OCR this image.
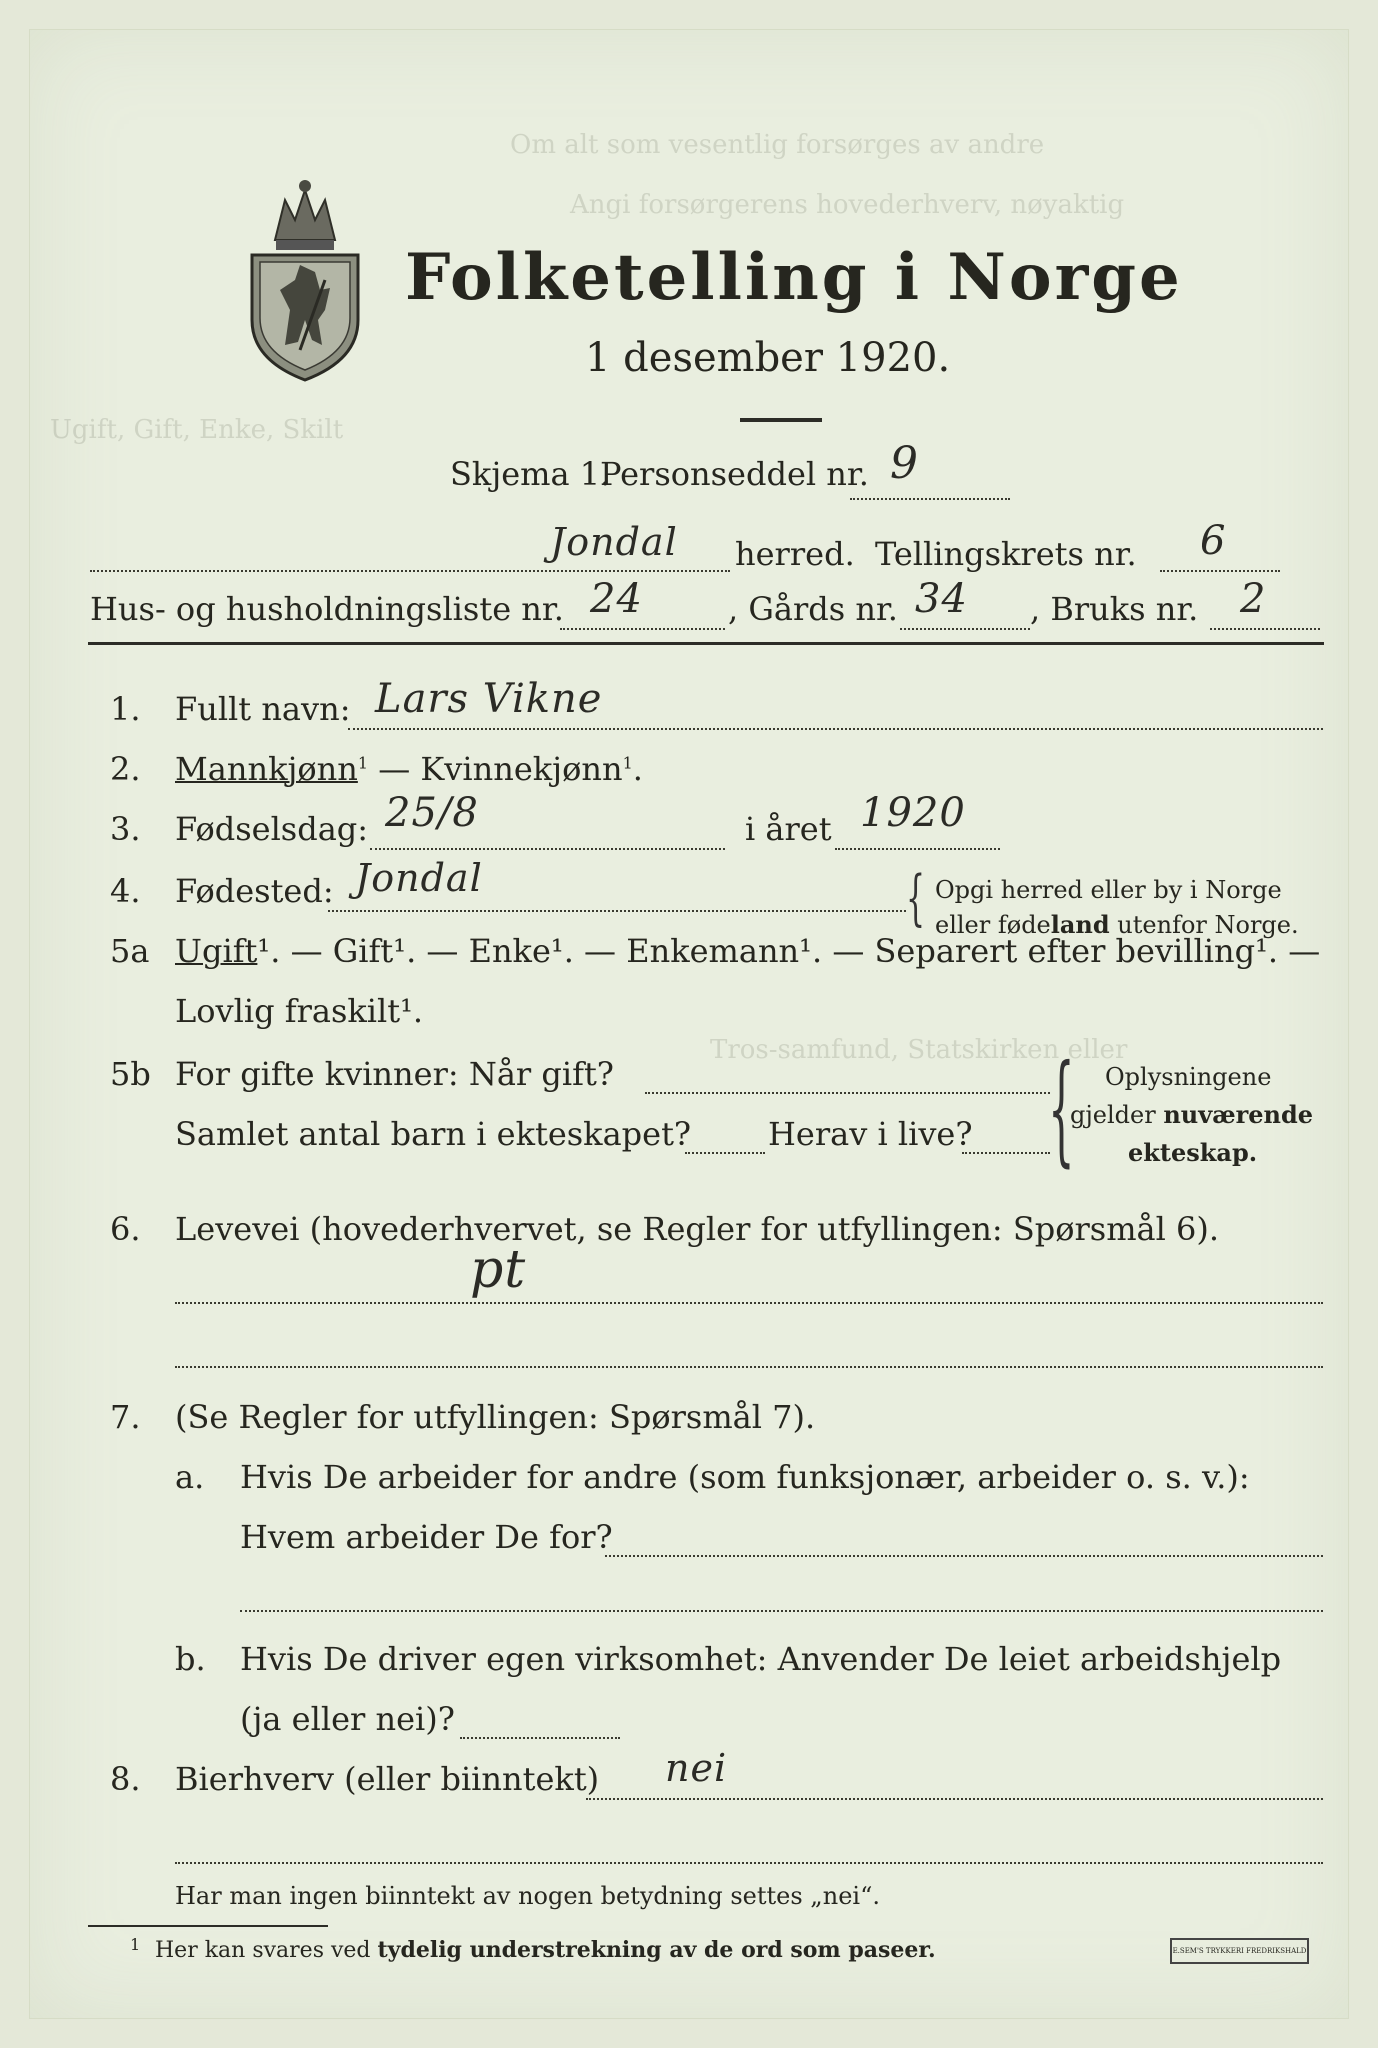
Om alt som vesentlig forsørges av andre
Angi forsørgerens hovederhverv, nøyaktig
Ugift, Gift, Enke, Skilt
Tros-samfund, Statskirken eller
Folketelling i Norge
1 desember 1920.
Skjema 1.
Personseddel nr. 9
Jondal herred. Tellingskrets nr. 6
Hus- og husholdningsliste nr. 24	, Gårds nr. 34 , Bruks nr. 2
1. Fullt navn: Lars Vikne
2. Mannkjønn$^1$ — Kvinnekjønn$^1$.
3. Fødselsdag: 25/8	i året 1920
4. Fødested: Jondal	{ Opgi herred eller by i Norge
eller fødeland utenfor Norge.
5a Ugift¹. — Gift¹. — Enke¹. — Enkemann¹. — Separert efter bevilling¹. —
Lovlig fraskilt¹.
5b For gifte kvinner: Når gift?
Samlet antal barn i ekteskapet? Herav i live? { Oplysningene
gjelder nuværende
ekteskap.
6. Levevei (hovederhvervet, se Regler for utfyllingen: Spørsmål 6).
pt
7. (Se Regler for utfyllingen: Spørsmål 7).
a. Hvis De arbeider for andre (som funksjonær, arbeider o. s. v.):
Hvem arbeider De for?
b. Hvis De driver egen virksomhet: Anvender De leiet arbeidshjelp
(ja eller nei)?
8. Bierhverv (eller biinntekt) nei
Har man ingen biinntekt av nogen betydning settes „nei“.
1 Her kan svares ved tydelig understrekning av de ord som paseer.	E.SEM'S TRYKKERI FREDRIKSHALD
